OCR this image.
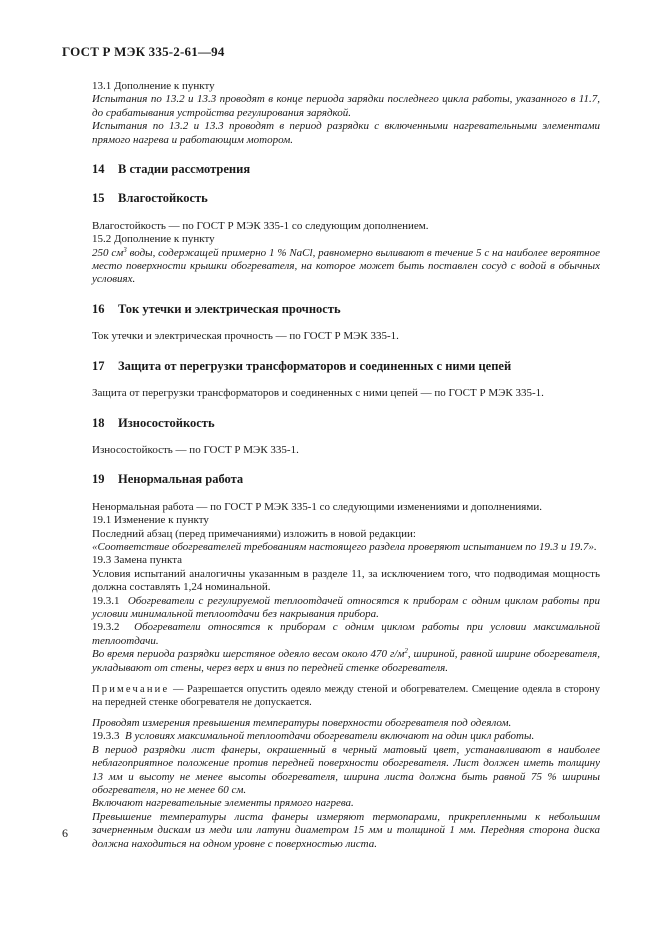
ГОСТ Р МЭК 335-2-61—94

13.1 Дополнение к пункту

Испытания по 13.2 и 13.3 проводят в конце периода зарядки последнего цикла работы, указанного в 11.7, до срабатывания устройства регулирования зарядкой.

Испытания по 13.2 и 13.3 проводят в период разрядки с включенными нагревательными элементами прямого нагрева и работающим мотором.

14 В стадии рассмотрения

15 Влагостойкость

Влагостойкость — по ГОСТ Р МЭК 335-1 со следующим дополнением.

15.2 Дополнение к пункту

250 $см^3$ воды, содержащей примерно 1 % NaCl, равномерно выливают в течение 5 с на наиболее вероятное место поверхности крышки обогревателя, на которое может быть поставлен сосуд с водой в обычных условиях.

16 Ток утечки и электрическая прочность

Ток утечки и электрическая прочность — по ГОСТ Р МЭК 335-1.

17 Защита от перегрузки трансформаторов и соединенных с ними цепей

Защита от перегрузки трансформаторов и соединенных с ними цепей — по ГОСТ Р МЭК 335-1.

18 Износостойкость

Износостойкость — по ГОСТ Р МЭК 335-1.

19 Ненормальная работа

Ненормальная работа — по ГОСТ Р МЭК 335-1 со следующими изменениями и дополнениями.

19.1 Изменение к пункту

Последний абзац (перед примечаниями) изложить в новой редакции:

«Соответствие обогревателей требованиям настоящего раздела проверяют испытанием по 19.3 и 19.7».

19.3 Замена пункта

Условия испытаний аналогичны указанным в разделе 11, за исключением того, что подводимая мощность должна составлять 1,24 номинальной.

19.3.1 Обогреватели с регулируемой теплоотдачей относятся к приборам с одним циклом работы при условии минимальной теплоотдачи без накрывания прибора.

19.3.2 Обогреватели относятся к приборам с одним циклом работы при условии максимальной теплоотдачи.

Во время периода разрядки шерстяное одеяло весом около 470 $г/м^2$, шириной, равной ширине обогревателя, укладывают от стены, через верх и вниз по передней стенке обогревателя.

Примечание — Разрешается опустить одеяло между стеной и обогревателем. Смещение одеяла в сторону на передней стенке обогревателя не допускается.

Проводят измерения превышения температуры поверхности обогревателя под одеялом.

19.3.3 В условиях максимальной теплоотдачи обогреватели включают на один цикл работы.

В период разрядки лист фанеры, окрашенный в черный матовый цвет, устанавливают в наиболее неблагоприятное положение против передней поверхности обогревателя. Лист должен иметь толщину 13 мм и высоту не менее высоты обогревателя, ширина листа должна быть равной 75 % ширины обогревателя, но не менее 60 см.

Включают нагревательные элементы прямого нагрева.

Превышение температуры листа фанеры измеряют термопарами, прикрепленными к небольшим зачерненным дискам из меди или латуни диаметром 15 мм и толщиной 1 мм. Передняя сторона диска должна находиться на одном уровне с поверхностью листа.

6
